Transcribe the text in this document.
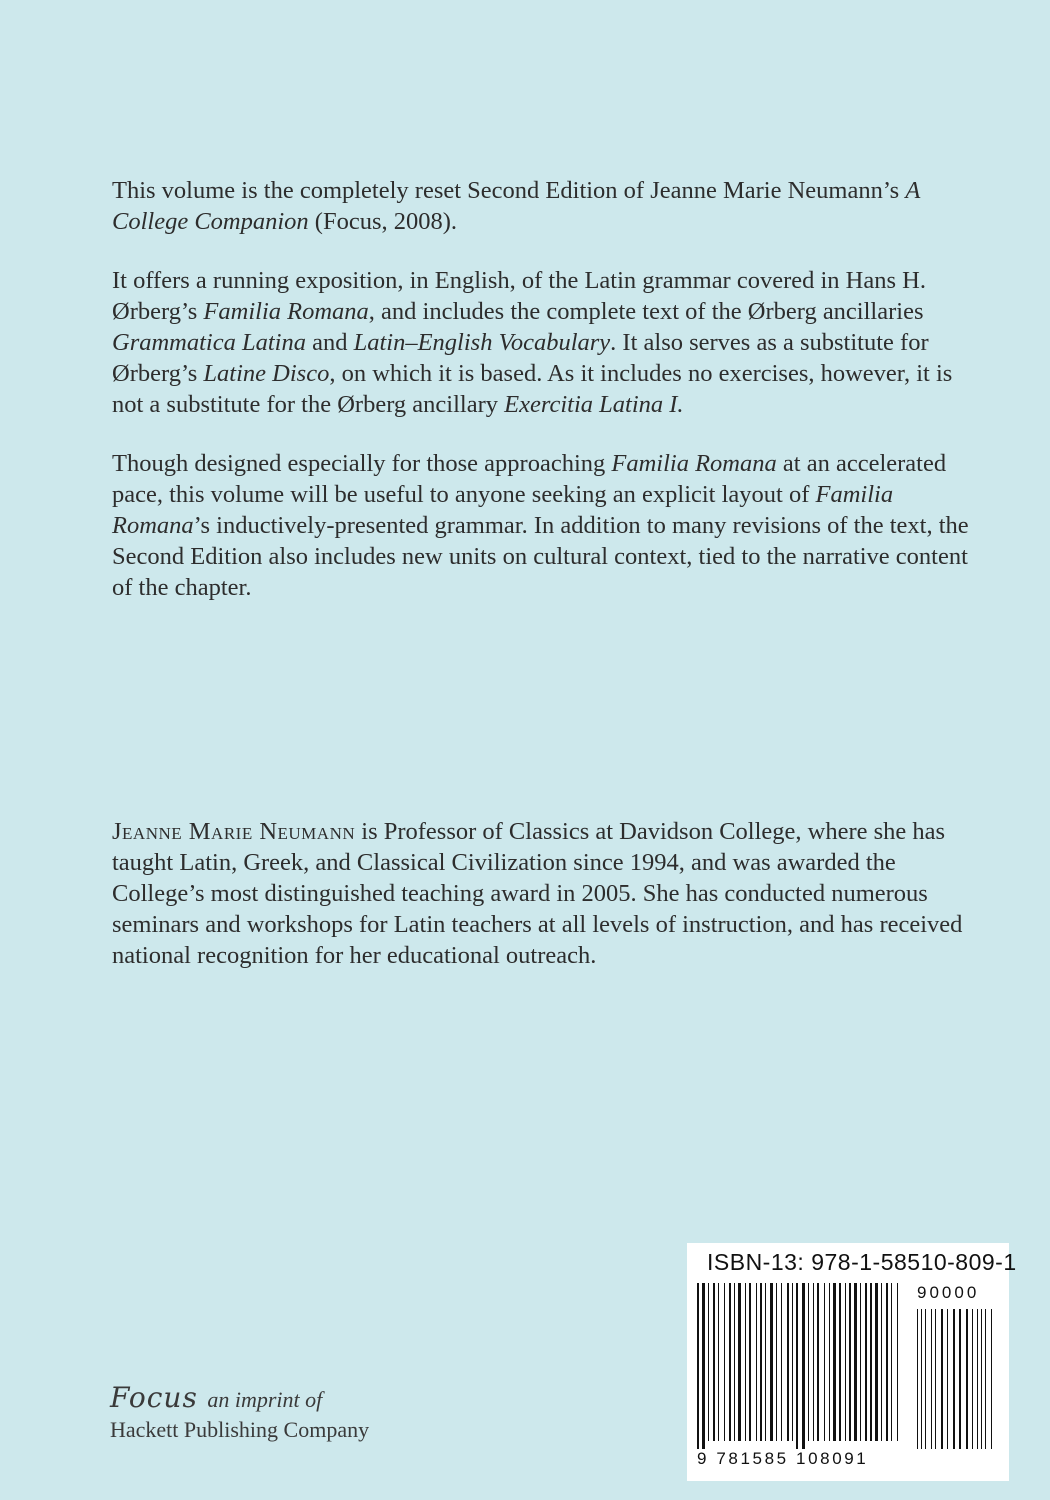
This volume is the completely reset Second Edition of Jeanne Marie Neumann’s A College Companion (Focus, 2008).

It offers a running exposition, in English, of the Latin grammar covered in Hans H. Ørberg’s Familia Romana, and includes the complete text of the Ørberg ancillaries Grammatica Latina and Latin–English Vocabulary. It also serves as a substitute for Ørberg’s Latine Disco, on which it is based. As it includes no exercises, however, it is not a substitute for the Ørberg ancillary Exercitia Latina I.

Though designed especially for those approaching Familia Romana at an accelerated pace, this volume will be useful to anyone seeking an explicit layout of Familia Romana’s inductively-presented grammar. In addition to many revisions of the text, the Second Edition also includes new units on cultural context, tied to the narrative content of the chapter.

Jeanne Marie Neumann is Professor of Classics at Davidson College, where she has taught Latin, Greek, and Classical Civilization since 1994, and was awarded the College’s most distinguished teaching award in 2005. She has conducted numerous seminars and workshops for Latin teachers at all levels of instruction, and has received national recognition for her educational outreach.

ISBN-13: 978-1-58510-809-1
90000
9 781585 108091
Focus an imprint of
Hackett Publishing Company
